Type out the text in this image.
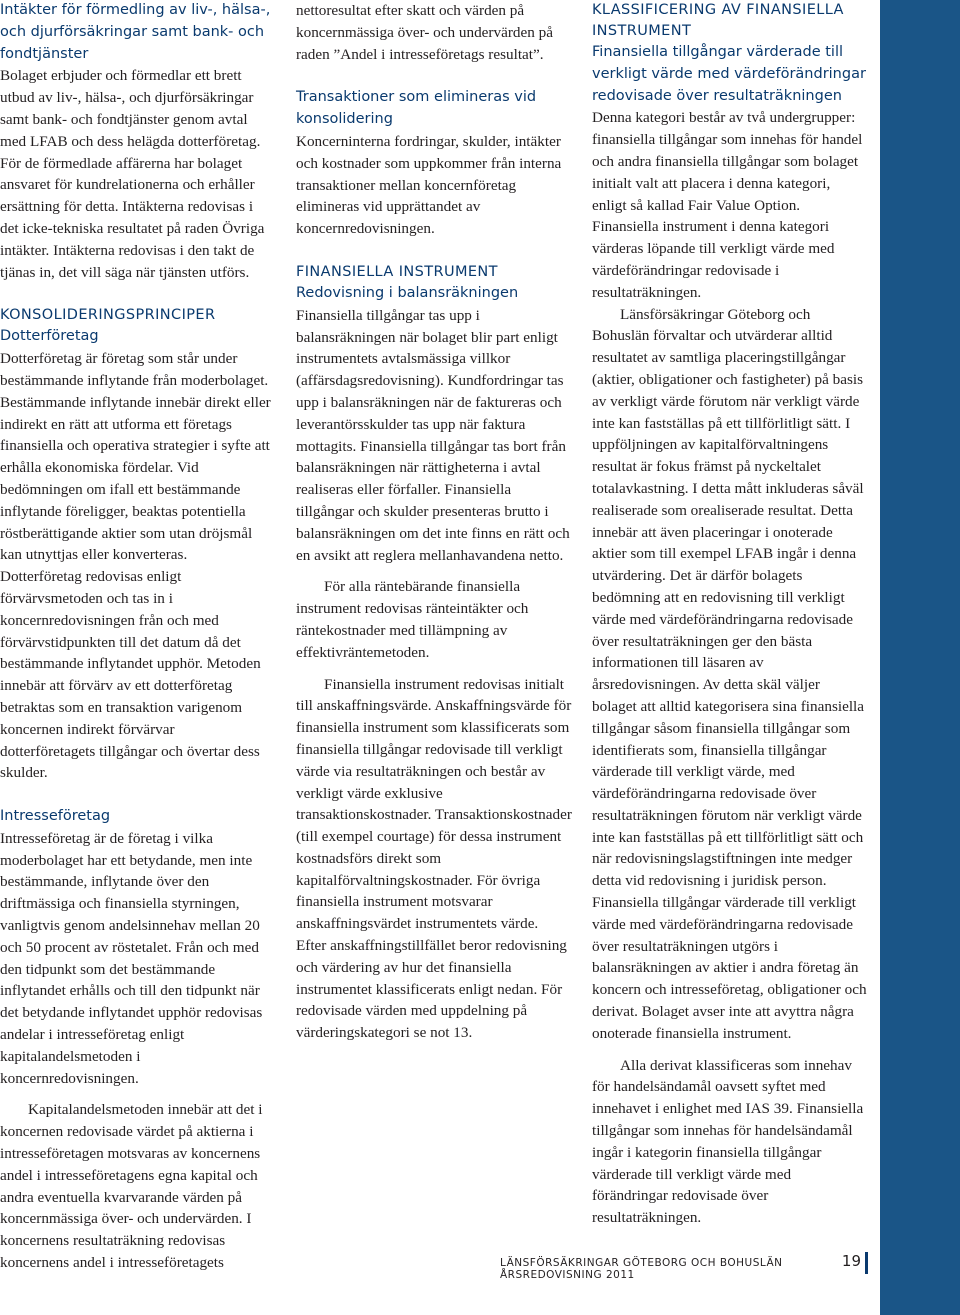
Intäkter för förmedling av liv-, hälsa-, och djurförsäkringar samt bank- och fondtjänster

Bolaget erbjuder och förmedlar ett brett utbud av liv-, hälsa-, och djurförsäkringar samt bank- och fondtjänster genom avtal med LFAB och dess helägda dotterföretag. För de förmedlade affärerna har bolaget ansvaret för kundrelationerna och erhåller ersättning för detta. Intäkterna redovisas i det icke-tekniska resultatet på raden Övriga intäkter. Intäkterna redovisas i den takt de tjänas in, det vill säga när tjänsten utförs.

KONSOLIDERINGSPRINCIPER
Dotterföretag

Dotterföretag är företag som står under bestämmande inflytande från moderbolaget. Bestämmande inflytande innebär direkt eller indirekt en rätt att utforma ett företags finansiella och operativa strategier i syfte att erhålla ekonomiska fördelar. Vid bedömningen om ifall ett bestämmande inflytande föreligger, beaktas potentiella röstberättigande aktier som utan dröjsmål kan utnyttjas eller konverteras. Dotterföretag redovisas enligt förvärvsmetoden och tas in i koncernredovisningen från och med förvärvstidpunkten till det datum då det bestämmande inflytandet upphör. Metoden innebär att förvärv av ett dotterföretag betraktas som en transaktion varigenom koncernen indirekt förvärvar dotterföretagets tillgångar och övertar dess skulder.

Intresseföretag

Intresseföretag är de företag i vilka moderbolaget har ett betydande, men inte bestämmande, inflytande över den driftmässiga och finansiella styrningen, vanligtvis genom andelsinnehav mellan 20 och 50 procent av röstetalet. Från och med den tidpunkt som det bestämmande inflytandet erhålls och till den tidpunkt när det betydande inflytandet upphör redovisas andelar i intresseföretag enligt kapitalandelsmetoden i koncernredovisningen.

Kapitalandelsmetoden innebär att det i koncernen redovisade värdet på aktierna i intresseföretagen motsvaras av koncernens andel i intresseföretagens egna kapital och andra eventuella kvarvarande värden på koncernmässiga över- och undervärden. I koncernens resultaträkning redovisas koncernens andel i intresseföretagets

nettoresultat efter skatt och värden på koncernmässiga över- och undervärden på raden ”Andel i intresseföretags resultat”.

Transaktioner som elimineras vid konsolidering

Koncerninterna fordringar, skulder, intäkter och kostnader som uppkommer från interna transaktioner mellan koncernföretag elimineras vid upprättandet av koncernredovisningen.

FINANSIELLA INSTRUMENT
Redovisning i balansräkningen

Finansiella tillgångar tas upp i balansräkningen när bolaget blir part enligt instrumentets avtalsmässiga villkor (affärsdagsredovisning). Kundfordringar tas upp i balansräkningen när de faktureras och leverantörsskulder tas upp när faktura mottagits. Finansiella tillgångar tas bort från balansräkningen när rättigheterna i avtal realiseras eller förfaller. Finansiella tillgångar och skulder presenteras brutto i balansräkningen om det inte finns en rätt och en avsikt att reglera mellanhavandena netto.

För alla räntebärande finansiella instrument redovisas ränteintäkter och räntekostnader med tillämpning av effektivräntemetoden.

Finansiella instrument redovisas initialt till anskaffningsvärde. Anskaffningsvärde för finansiella instrument som klassificerats som finansiella tillgångar redovisade till verkligt värde via resultaträkningen och består av verkligt värde exklusive transaktionskostnader. Transaktionskostnader (till exempel courtage) för dessa instrument kostnadsförs direkt som kapitalförvaltningskostnader. För övriga finansiella instrument motsvarar anskaffningsvärdet instrumentets värde. Efter anskaffningstillfället beror redovisning och värdering av hur det finansiella instrumentet klassificerats enligt nedan. För redovisade värden med uppdelning på värderingskategori se not 13.

KLASSIFICERING AV FINANSIELLA INSTRUMENT
Finansiella tillgångar värderade till verkligt värde med värdeförändringar redovisade över resultaträkningen

Denna kategori består av två undergrupper: finansiella tillgångar som innehas för handel och andra finansiella tillgångar som bolaget initialt valt att placera i denna kategori, enligt så kallad Fair Value Option. Finansiella instrument i denna kategori värderas löpande till verkligt värde med värdeförändringar redovisade i resultaträkningen.

Länsförsäkringar Göteborg och Bohuslän förvaltar och utvärderar alltid resultatet av samtliga placeringstillgångar (aktier, obligationer och fastigheter) på basis av verkligt värde förutom när verkligt värde inte kan fastställas på ett tillförlitligt sätt. I uppföljningen av kapitalförvaltningens resultat är fokus främst på nyckeltalet totalavkastning. I detta mått inkluderas såväl realiserade som orealiserade resultat. Detta innebär att även placeringar i onoterade aktier som till exempel LFAB ingår i denna utvärdering. Det är därför bolagets bedömning att en redovisning till verkligt värde med värdeförändringarna redovisade över resultaträkningen ger den bästa informationen till läsaren av årsredovisningen. Av detta skäl väljer bolaget att alltid kategorisera sina finansiella tillgångar såsom finansiella tillgångar som identifierats som, finansiella tillgångar värderade till verkligt värde, med värdeförändringarna redovisade över resultaträkningen förutom när verkligt värde inte kan fastställas på ett tillförlitligt sätt och när redovisningslagstiftningen inte medger detta vid redovisning i juridisk person. Finansiella tillgångar värderade till verkligt värde med värdeförändringarna redovisade över resultaträkningen utgörs i balansräkningen av aktier i andra företag än koncern och intresseföretag, obligationer och derivat. Bolaget avser inte att avyttra några onoterade finansiella instrument.

Alla derivat klassificeras som innehav för handelsändamål oavsett syftet med innehavet i enlighet med IAS 39. Finansiella tillgångar som innehas för handelsändamål ingår i kategorin finansiella tillgångar värderade till verkligt värde med förändringar redovisade över resultaträkningen.

LÄNSFÖRSÄKRINGAR GÖTEBORG OCH BOHUSLÄN ÅRSREDOVISNING 2011
19
